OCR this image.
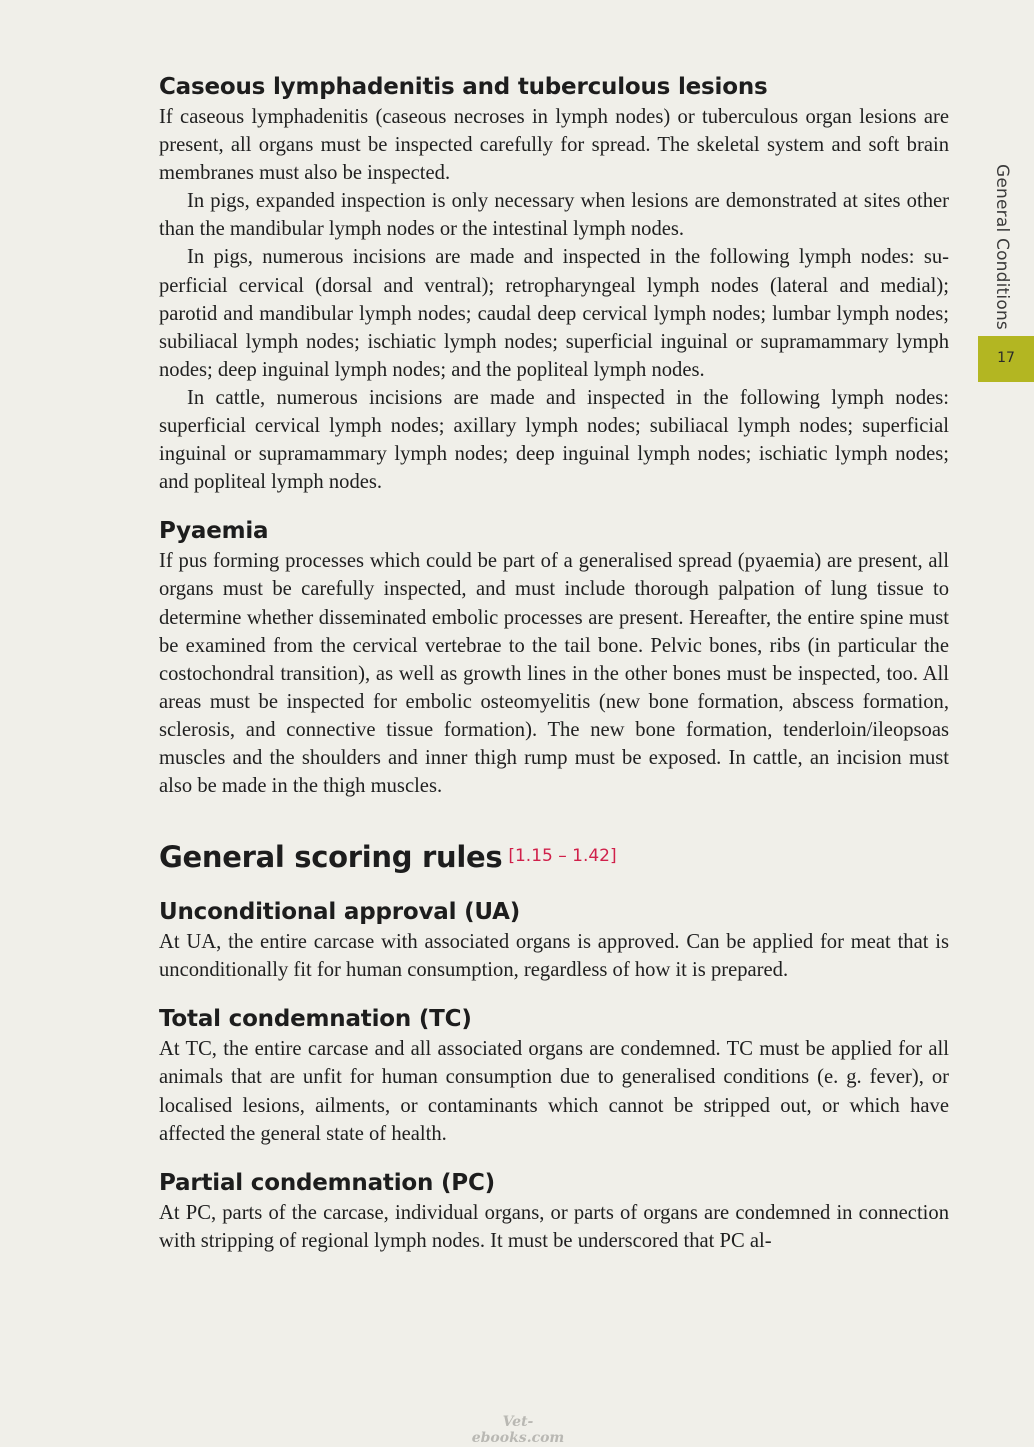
Caseous lymphadenitis and tuberculous lesions

If caseous lymphadenitis (caseous necroses in lymph nodes) or tuberculous organ lesions are present, all organs must be inspected carefully for spread. The skeletal system and soft brain membranes must also be inspected.

In pigs, expanded inspection is only necessary when lesions are demonstrated at sites other than the mandibular lymph nodes or the intestinal lymph nodes.

In pigs, numerous incisions are made and inspected in the following lymph nodes: superficial cervical (dorsal and ventral); retropharyngeal lymph nodes (lateral and medial); parotid and mandibular lymph nodes; caudal deep cervical lymph nodes; lumbar lymph nodes; subiliacal lymph nodes; ischiatic lymph nodes; superficial inguinal or supramammary lymph nodes; deep inguinal lymph nodes; and the popliteal lymph nodes.

In cattle, numerous incisions are made and inspected in the following lymph nodes: superficial cervical lymph nodes; axillary lymph nodes; subiliacal lymph nodes; superficial inguinal or supramammary lymph nodes; deep inguinal lymph nodes; ischiatic lymph nodes; and popliteal lymph nodes.

Pyaemia

If pus forming processes which could be part of a generalised spread (pyaemia) are present, all organs must be carefully inspected, and must include thorough palpation of lung tissue to determine whether disseminated embolic processes are present. Hereafter, the entire spine must be examined from the cervical vertebrae to the tail bone. Pelvic bones, ribs (in particular the costochondral transition), as well as growth lines in the other bones must be inspected, too. All areas must be inspected for embolic osteomyelitis (new bone formation, abscess formation, sclerosis, and connective tissue formation). The new bone formation, tenderloin/ileopsoas muscles and the shoulders and inner thigh rump must be exposed. In cattle, an incision must also be made in the thigh muscles.

General scoring rules [1.15 – 1.42]
Unconditional approval (UA)

At UA, the entire carcase with associated organs is approved. Can be applied for meat that is unconditionally fit for human consumption, regardless of how it is prepared.

Total condemnation (TC)

At TC, the entire carcase and all associated organs are condemned. TC must be applied for all animals that are unfit for human consumption due to generalised conditions (e. g. fever), or localised lesions, ailments, or contaminants which cannot be stripped out, or which have affected the general state of health.

Partial condemnation (PC)

At PC, parts of the carcase, individual organs, or parts of organs are condemned in connection with stripping of regional lymph nodes. It must be underscored that PC al-

General Conditions
17
Vet-ebooks.com
